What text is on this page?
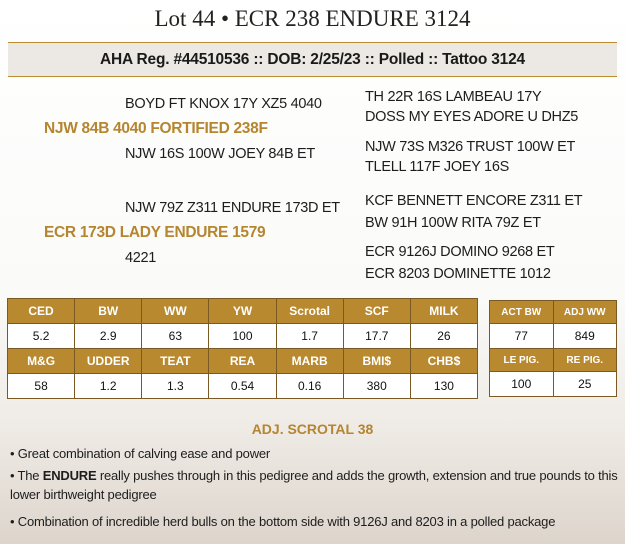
Lot 44 • ECR 238 ENDURE 3124
AHA Reg. #44510536 :: DOB: 2/25/23 :: Polled :: Tattoo 3124
BOYD FT KNOX 17Y XZ5 4040
NJW 84B 4040 FORTIFIED 238F
NJW 16S 100W JOEY 84B ET
NJW 79Z Z311 ENDURE 173D ET
ECR 173D LADY ENDURE 1579
4221
TH 22R 16S LAMBEAU 17Y
DOSS MY EYES ADORE U DHZ5
NJW 73S M326 TRUST 100W ET
TLELL 117F JOEY 16S
KCF BENNETT ENCORE Z311 ET
BW 91H 100W RITA 79Z ET
ECR 9126J DOMINO 9268 ET
ECR 8203 DOMINETTE 1012
CED	BW	WW	YW	Scrotal	SCF	MILK
5.2	2.9	63	100	1.7	17.7	26
M&G	UDDER	TEAT	REA	MARB	BMI$	CHB$
58	1.2	1.3	0.54	0.16	380	130
ACT BW	ADJ WW
77	849
LE PIG.	RE PIG.
100	25
ADJ. SCROTAL 38
• Great combination of calving ease and power
• The ENDURE really pushes through in this pedigree and adds the growth, extension and true pounds to this lower birthweight pedigree
• Combination of incredible herd bulls on the bottom side with 9126J and 8203 in a polled package
